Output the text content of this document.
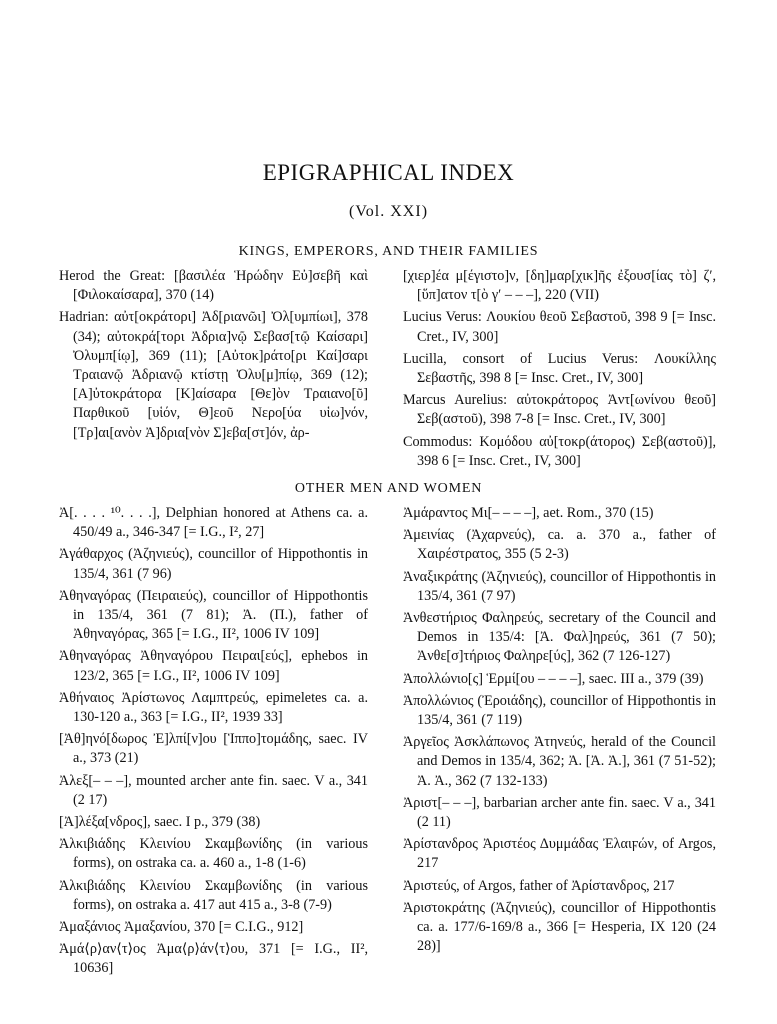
EPIGRAPHICAL INDEX
(Vol. XXI)
KINGS, EMPERORS, AND THEIR FAMILIES

Herod the Great: [βασιλέα Ἡρώδην Εὐ]σεβῆ καὶ [Φιλοκαίσαρα], 370 (14)

Hadrian: αὐτ[οκράτορι] Ἀδ[ριανῶι] Ὀλ[υμπίωι], 378 (34); αὐτοκρά[τορι Ἀδρια]νῷ Σεβασ[τῷ Καίσαρι] Ὀλυμπ[ίῳ], 369 (11); [Αὐτοκ]ράτο[ρι Καί]σαρι Τραιανῷ Ἀδριανῷ κτίστῃ Ὀλυ[μ]πίῳ, 369 (12); [Α]ὐτοκράτορα [Κ]αίσαρα [Θε]ὸν Τραιανο[ῦ] Παρθικοῦ [υἱόν, Θ]εοῦ Νερο[ύα υἱω]νόν, [Τρ]αι[ανὸν Ἀ]δρια[νὸν Σ]εβα[στ]όν, ἀρ-

[χιερ]έα μ[έγιστο]ν, [δη]μαρ[χικ]ῆς ἐξουσ[ίας τὸ] ζʹ, [ὕπ]ατον τ[ὸ γʹ – – –], 220 (VII)

Lucius Verus: Λουκίου θεοῦ Σεβαστοῦ, 398 9 [= Insc. Cret., IV, 300]

Lucilla, consort of Lucius Verus: Λουκίλλης Σεβαστῆς, 398 8 [= Insc. Cret., IV, 300]

Marcus Aurelius: αὐτοκράτορος Ἀντ[ωνίνου θεοῦ] Σεβ(αστοῦ), 398 7-8 [= Insc. Cret., IV, 300]

Commodus: Κομόδου αὐ[τοκρ(άτορος) Σεβ(αστοῦ)], 398 6 [= Insc. Cret., IV, 300]

OTHER MEN AND WOMEN

Ἀ[. . . . ¹⁰. . . .], Delphian honored at Athens ca. a. 450/49 a., 346-347 [= I.G., I², 27]

Ἀγάθαρχος (Ἀζηνιεύς), councillor of Hippothontis in 135/4, 361 (7 96)

Ἀθηναγόρας (Πειραιεύς), councillor of Hippothontis in 135/4, 361 (7 81); Ἀ. (Π.), father of Ἀθηναγόρας, 365 [= I.G., II², 1006 IV 109]

Ἀθηναγόρας Ἀθηναγόρου Πειραι[εύς], ephebos in 123/2, 365 [= I.G., II², 1006 IV 109]

Ἀθήναιος Ἀρίστωνος Λαμπτρεύς, epimeletes ca. a. 130-120 a., 363 [= I.G., II², 1939 33]

[Ἀθ]ηνό[δωρος Ἐ]λπί[ν]ου [Ἱππο]τομάδης, saec. IV a., 373 (21)

Ἀλεξ[– – –], mounted archer ante fin. saec. V a., 341 (2 17)

[Ἀ]λέξα[νδρος], saec. I p., 379 (38)

Ἀλκιβιάδης Κλεινίου Σκαμβωνίδης (in various forms), on ostraka ca. a. 460 a., 1-8 (1-6)

Ἀλκιβιάδης Κλεινίου Σκαμβωνίδης (in various forms), on ostraka a. 417 aut 415 a., 3-8 (7-9)

Ἀμαξάνιος Ἀμαξανίου, 370 [= C.I.G., 912]

Ἀμά⟨ρ⟩αν⟨τ⟩ος Ἀμα⟨ρ⟩άν⟨τ⟩ου, 371 [= I.G., II², 10636]

Ἀμάραντος Μι[– – – –], aet. Rom., 370 (15)

Ἀμεινίας (Ἀχαρνεύς), ca. a. 370 a., father of Χαιρέστρατος, 355 (5 2-3)

Ἀναξικράτης (Ἀζηνιεύς), councillor of Hippothontis in 135/4, 361 (7 97)

Ἀνθεστήριος Φαληρεύς, secretary of the Council and Demos in 135/4: [Ἀ. Φαλ]ηρεύς, 361 (7 50); Ἀνθε[σ]τήριος Φαληρε[ύς], 362 (7 126-127)

Ἀπολλώνιο[ς] Ἑρμί[ου – – – –], saec. III a., 379 (39)

Ἀπολλώνιος (Ἐροιάδης), councillor of Hippothontis in 135/4, 361 (7 119)

Ἀργεῖος Ἀσκλάπωνος Ἀτηνεύς, herald of the Council and Demos in 135/4, 362; Ἀ. [Ἀ. Ἀ.], 361 (7 51-52); Ἀ. Ἀ., 362 (7 132-133)

Ἀριστ[– – –], barbarian archer ante fin. saec. V a., 341 (2 11)

Ἀρίστανδρος Ἀριστέος Δυμμάδας Ἐλαιϝών, of Argos, 217

Ἀριστεύς, of Argos, father of Ἀρίστανδρος, 217

Ἀριστοκράτης (Ἀζηνιεύς), councillor of Hippothontis ca. a. 177/6-169/8 a., 366 [= Hesperia, IX 120 (24 28)]
